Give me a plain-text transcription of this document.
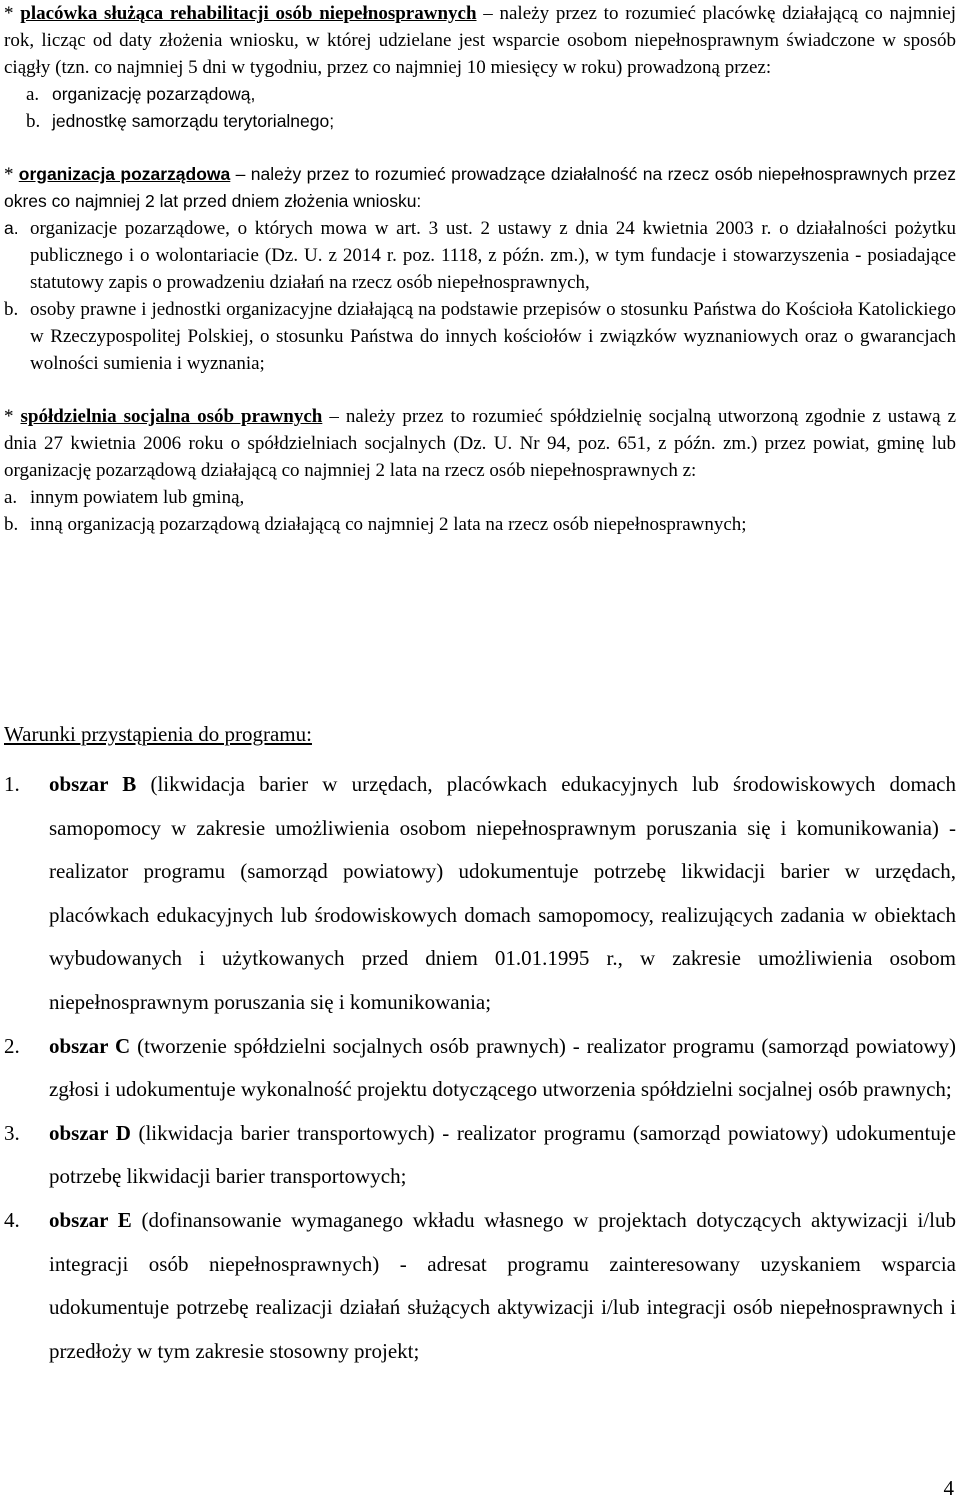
* placówka służąca rehabilitacji osób niepełnosprawnych – należy przez to rozumieć placówkę działającą co najmniej rok, licząc od daty złożenia wniosku, w której udzielane jest wsparcie osobom niepełnosprawnym świadczone w sposób ciągły (tzn. co najmniej 5 dni w tygodniu, przez co najmniej 10 miesięcy w roku) prowadzoną przez:

a. organizację pozarządową,
b. jednostkę samorządu terytorialnego;

* organizacja pozarządowa – należy przez to rozumieć prowadzące działalność na rzecz osób niepełnosprawnych przez okres co najmniej 2 lat przed dniem złożenia wniosku:

a. organizacje pozarządowe, o których mowa w art. 3 ust. 2 ustawy z dnia 24 kwietnia 2003 r. o działalności pożytku publicznego i o wolontariacie (Dz. U. z 2014 r. poz. 1118, z późn. zm.), w tym fundacje i stowarzyszenia - posiadające statutowy zapis o prowadzeniu działań na rzecz osób niepełnosprawnych,
b. osoby prawne i jednostki organizacyjne działającą na podstawie przepisów o stosunku Państwa do Kościoła Katolickiego w Rzeczypospolitej Polskiej, o stosunku Państwa do innych kościołów i związków wyznaniowych oraz o gwarancjach wolności sumienia i wyznania;

* spółdzielnia socjalna osób prawnych – należy przez to rozumieć spółdzielnię socjalną utworzoną zgodnie z ustawą z dnia 27 kwietnia 2006 roku o spółdzielniach socjalnych (Dz. U. Nr 94, poz. 651, z późn. zm.) przez powiat, gminę lub organizację pozarządową działającą co najmniej 2 lata na rzecz osób niepełnosprawnych z:

a. innym powiatem lub gminą,
b. inną organizacją pozarządową działającą co najmniej 2 lata na rzecz osób niepełnosprawnych;
Warunki przystąpienia do programu:
1.	obszar B (likwidacja barier w urzędach, placówkach edukacyjnych lub środowiskowych domach samopomocy w zakresie umożliwienia osobom niepełnosprawnym poruszania się i komunikowania) - realizator programu (samorząd powiatowy) udokumentuje potrzebę likwidacji barier w urzędach, placówkach edukacyjnych lub środowiskowych domach samopomocy, realizujących zadania w obiektach wybudowanych i użytkowanych przed dniem 01.01.1995 r., w zakresie umożliwienia osobom niepełnosprawnym poruszania się i komunikowania;
2.	obszar C (tworzenie spółdzielni socjalnych osób prawnych) - realizator programu (samorząd powiatowy) zgłosi i udokumentuje wykonalność projektu dotyczącego utworzenia spółdzielni socjalnej osób prawnych;
3.	obszar D (likwidacja barier transportowych) - realizator programu (samorząd powiatowy) udokumentuje potrzebę likwidacji barier transportowych;
4.	obszar E (dofinansowanie wymaganego wkładu własnego w projektach dotyczących aktywizacji i/lub integracji osób niepełnosprawnych) - adresat programu zainteresowany uzyskaniem wsparcia udokumentuje potrzebę realizacji działań służących aktywizacji i/lub integracji osób niepełnosprawnych i przedłoży w tym zakresie stosowny projekt;
4
